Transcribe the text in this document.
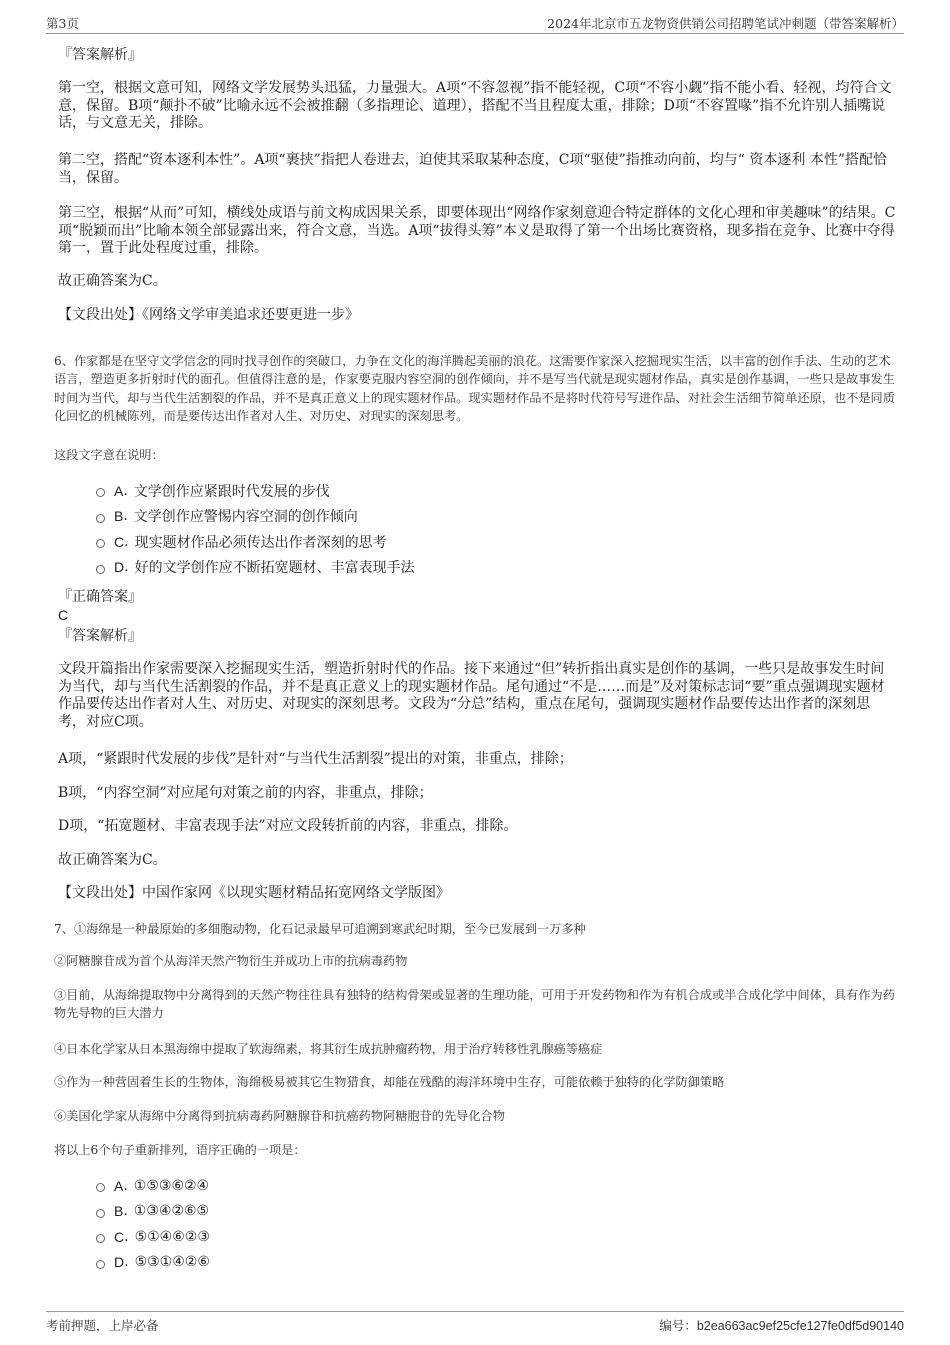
第3页	2024年北京市五龙物资供销公司招聘笔试冲刺题（带答案解析）
『答案解析』
第一空，根据文意可知，网络文学发展势头迅猛，力量强大。A项“不容忽视”指不能轻视，C项“不容小觑”指不能小看、轻视，均符合文意，保留。B项“颠扑不破”比喻永远不会被推翻（多指理论、道理），搭配不当且程度太重，排除；D项“不容置喙”指不允许别人插嘴说话，与文意无关，排除。
第二空，搭配“资本逐利本性”。A项“裹挟”指把人卷进去，迫使其采取某种态度，C项“驱使”指推动向前，均与“ 资本逐利 本性”搭配恰当，保留。
第三空，根据“从而”可知，横线处成语与前文构成因果关系，即要体现出“网络作家刻意迎合特定群体的文化心理和审美趣味”的结果。C项“脱颖而出”比喻本领全部显露出来，符合文意，当选。A项“拔得头筹”本义是取得了第一个出场比赛资格，现多指在竞争、比赛中夺得第一，置于此处程度过重，排除。
故正确答案为C。
【文段出处】《网络文学审美追求还要更进一步》
6、作家都是在坚守文学信念的同时找寻创作的突破口，力争在文化的海洋腾起美丽的浪花。这需要作家深入挖掘现实生活，以丰富的创作手法、生动的艺术语言，塑造更多折射时代的面孔。但值得注意的是，作家要克服内容空洞的创作倾向，并不是写当代就是现实题材作品，真实是创作基调，一些只是故事发生时间为当代，却与当代生活割裂的作品，并不是真正意义上的现实题材作品。现实题材作品不是将时代符号写进作品、对社会生活细节简单还原，也不是同质化回忆的机械陈列，而是要传达出作者对人生、对历史、对现实的深刻思考。
这段文字意在说明：
A . 文学创作应紧跟时代发展的步伐
B . 文学创作应警惕内容空洞的创作倾向
C . 现实题材作品必须传达出作者深刻的思考
D . 好的文学创作应不断拓宽题材、丰富表现手法
『正确答案』
C
『答案解析』
文段开篇指出作家需要深入挖掘现实生活，塑造折射时代的作品。接下来通过“但”转折指出真实是创作的基调，一些只是故事发生时间为当代，却与当代生活割裂的作品，并不是真正意义上的现实题材作品。尾句通过“不是……而是”及对策标志词“要”重点强调现实题材作品要传达出作者对人生、对历史、对现实的深刻思考。文段为“分总”结构，重点在尾句，强调现实题材作品要传达出作者的深刻思考，对应C项。
A项，“紧跟时代发展的步伐”是针对“与当代生活割裂”提出的对策，非重点，排除；
B项，“内容空洞”对应尾句对策之前的内容，非重点，排除；
D项，“拓宽题材、丰富表现手法”对应文段转折前的内容，非重点，排除。
故正确答案为C。
【文段出处】中国作家网《以现实题材精品拓宽网络文学版图》
7、①海绵是一种最原始的多细胞动物，化石记录最早可追溯到寒武纪时期，至今已发展到一万多种
②阿糖腺苷成为首个从海洋天然产物衍生并成功上市的抗病毒药物
③目前，从海绵提取物中分离得到的天然产物往往具有独特的结构骨架或显著的生理功能，可用于开发药物和作为有机合成或半合成化学中间体，具有作为药物先导物的巨大潜力
④日本化学家从日本黑海绵中提取了软海绵素，将其衍生成抗肿瘤药物，用于治疗转移性乳腺癌等癌症
⑤作为一种营固着生长的生物体，海绵极易被其它生物猎食，却能在残酷的海洋环境中生存，可能依赖于独特的化学防御策略
⑥美国化学家从海绵中分离得到抗病毒药阿糖腺苷和抗癌药物阿糖胞苷的先导化合物
将以上6个句子重新排列，语序正确的一项是：
A . ①⑤③⑥②④
B . ①③④②⑥⑤
C . ⑤①④⑥②③
D . ⑤③①④②⑥
考前押题，上岸必备	编号：b2ea663ac9ef25cfe127fe0df5d90140
